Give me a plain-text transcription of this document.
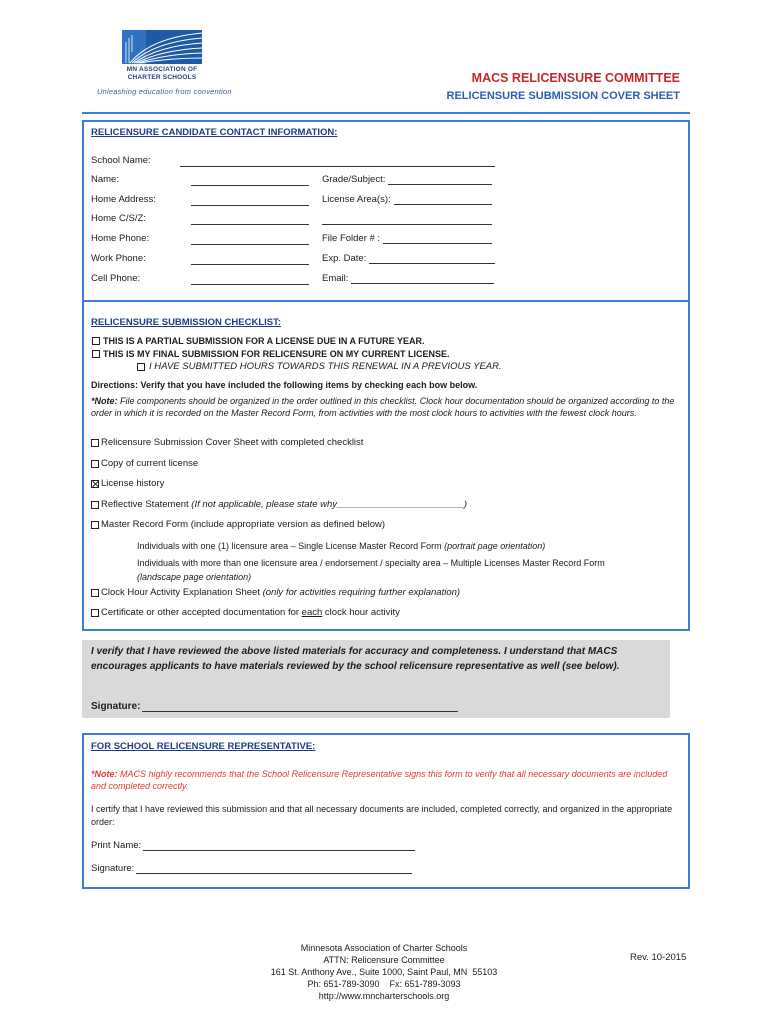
MN ASSOCIATION OF
CHARTER SCHOOLS
Unleashing education from convention
MACS RELICENSURE COMMITTEE
RELICENSURE SUBMISSION COVER SHEET
RELICENSURE CANDIDATE CONTACT INFORMATION:
School Name:
Name:	Grade/Subject:
Home Address:	License Area(s):
Home C/S/Z:
Home Phone:	File Folder # :
Work Phone:	Exp. Date:
Cell Phone:	Email:
RELICENSURE SUBMISSION CHECKLIST:
THIS IS A PARTIAL SUBMISSION FOR A LICENSE DUE IN A FUTURE YEAR.
THIS IS MY FINAL SUBMISSION FOR RELICENSURE ON MY CURRENT LICENSE.
I HAVE SUBMITTED HOURS TOWARDS THIS RENEWAL IN A PREVIOUS YEAR.
Directions: Verify that you have included the following items by checking each bow below.
*Note: File components should be organized in the order outlined in this checklist. Clock hour documentation should be organized according to the order in which it is recorded on the Master Record Form, from activities with the most clock hours to activities with the fewest clock hours.
Relicensure Submission Cover Sheet with completed checklist
Copy of current license
License history
Reflective Statement (If not applicable, please state why________________________)
Master Record Form (include appropriate version as defined below)
Individuals with one (1) licensure area – Single License Master Record Form (portrait page orientation)
Individuals with more than one licensure area / endorsement / specialty area – Multiple Licenses Master Record Form (landscape page orientation)
Clock Hour Activity Explanation Sheet (only for activities requiring further explanation)
Certificate or other accepted documentation for each clock hour activity
I verify that I have reviewed the above listed materials for accuracy and completeness. I understand that MACS encourages applicants to have materials reviewed by the school relicensure representative as well (see below).
Signature:
FOR SCHOOL RELICENSURE REPRESENTATIVE:
*Note: MACS highly recommends that the School Relicensure Representative signs this form to verify that all necessary documents are included and completed correctly.
I certify that I have reviewed this submission and that all necessary documents are included, completed correctly, and organized in the appropriate order:
Print Name:
Signature:
Minnesota Association of Charter Schools
ATTN: Relicensure Committee
161 St. Anthony Ave., Suite 1000, Saint Paul, MN  55103
Ph: 651-789-3090    Fx: 651-789-3093
http://www.mncharterschools.org
Rev. 10-2015
